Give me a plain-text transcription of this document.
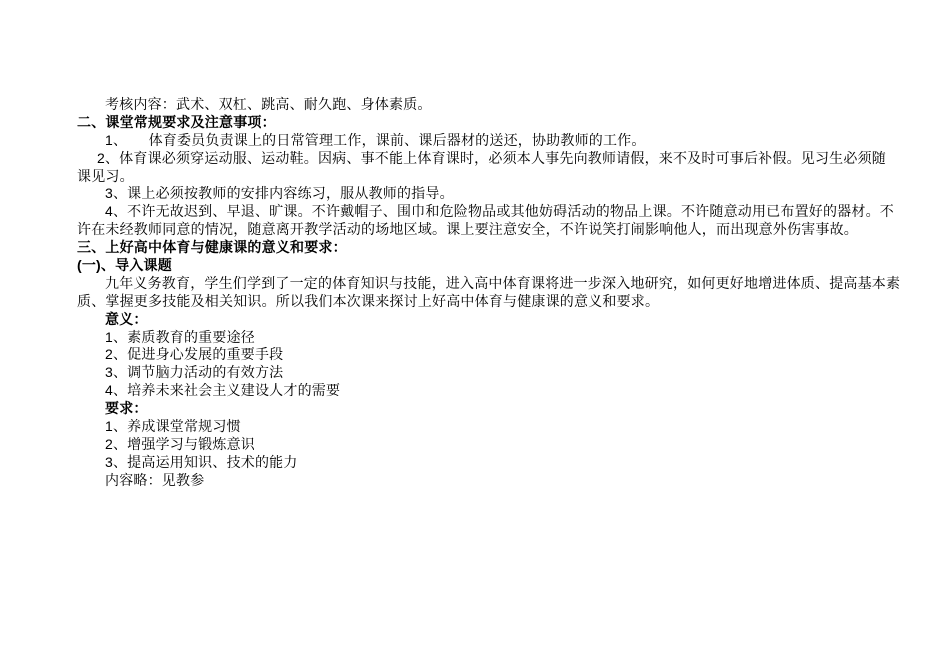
考核内容：武术、双杠、跳高、耐久跑、身体素质。
二、课堂常规要求及注意事项：
1、　　体育委员负责课上的日常管理工作，课前、课后器材的送还，协助教师的工作。
2、体育课必须穿运动服、运动鞋。因病、事不能上体育课时，必须本人事先向教师请假，来不及时可事后补假。见习生必须随
课见习。
3、课上必须按教师的安排内容练习，服从教师的指导。
4、不许无故迟到、早退、旷课。不许戴帽子、围巾和危险物品或其他妨碍活动的物品上课。不许随意动用已布置好的器材。不
许在未经教师同意的情况，随意离开教学活动的场地区域。课上要注意安全，不许说笑打闹影响他人，而出现意外伤害事故。
三、上好高中体育与健康课的意义和要求：
(一)、导入课题
九年义务教育，学生们学到了一定的体育知识与技能，进入高中体育课将进一步深入地研究，如何更好地增进体质、提高基本素
质、掌握更多技能及相关知识。所以我们本次课来探讨上好高中体育与健康课的意义和要求。
意义：
1、素质教育的重要途径
2、促进身心发展的重要手段
3、调节脑力活动的有效方法
4、培养未来社会主义建设人才的需要
要求：
1、养成课堂常规习惯
2、增强学习与锻炼意识
3、提高运用知识、技术的能力
内容略：见教参
